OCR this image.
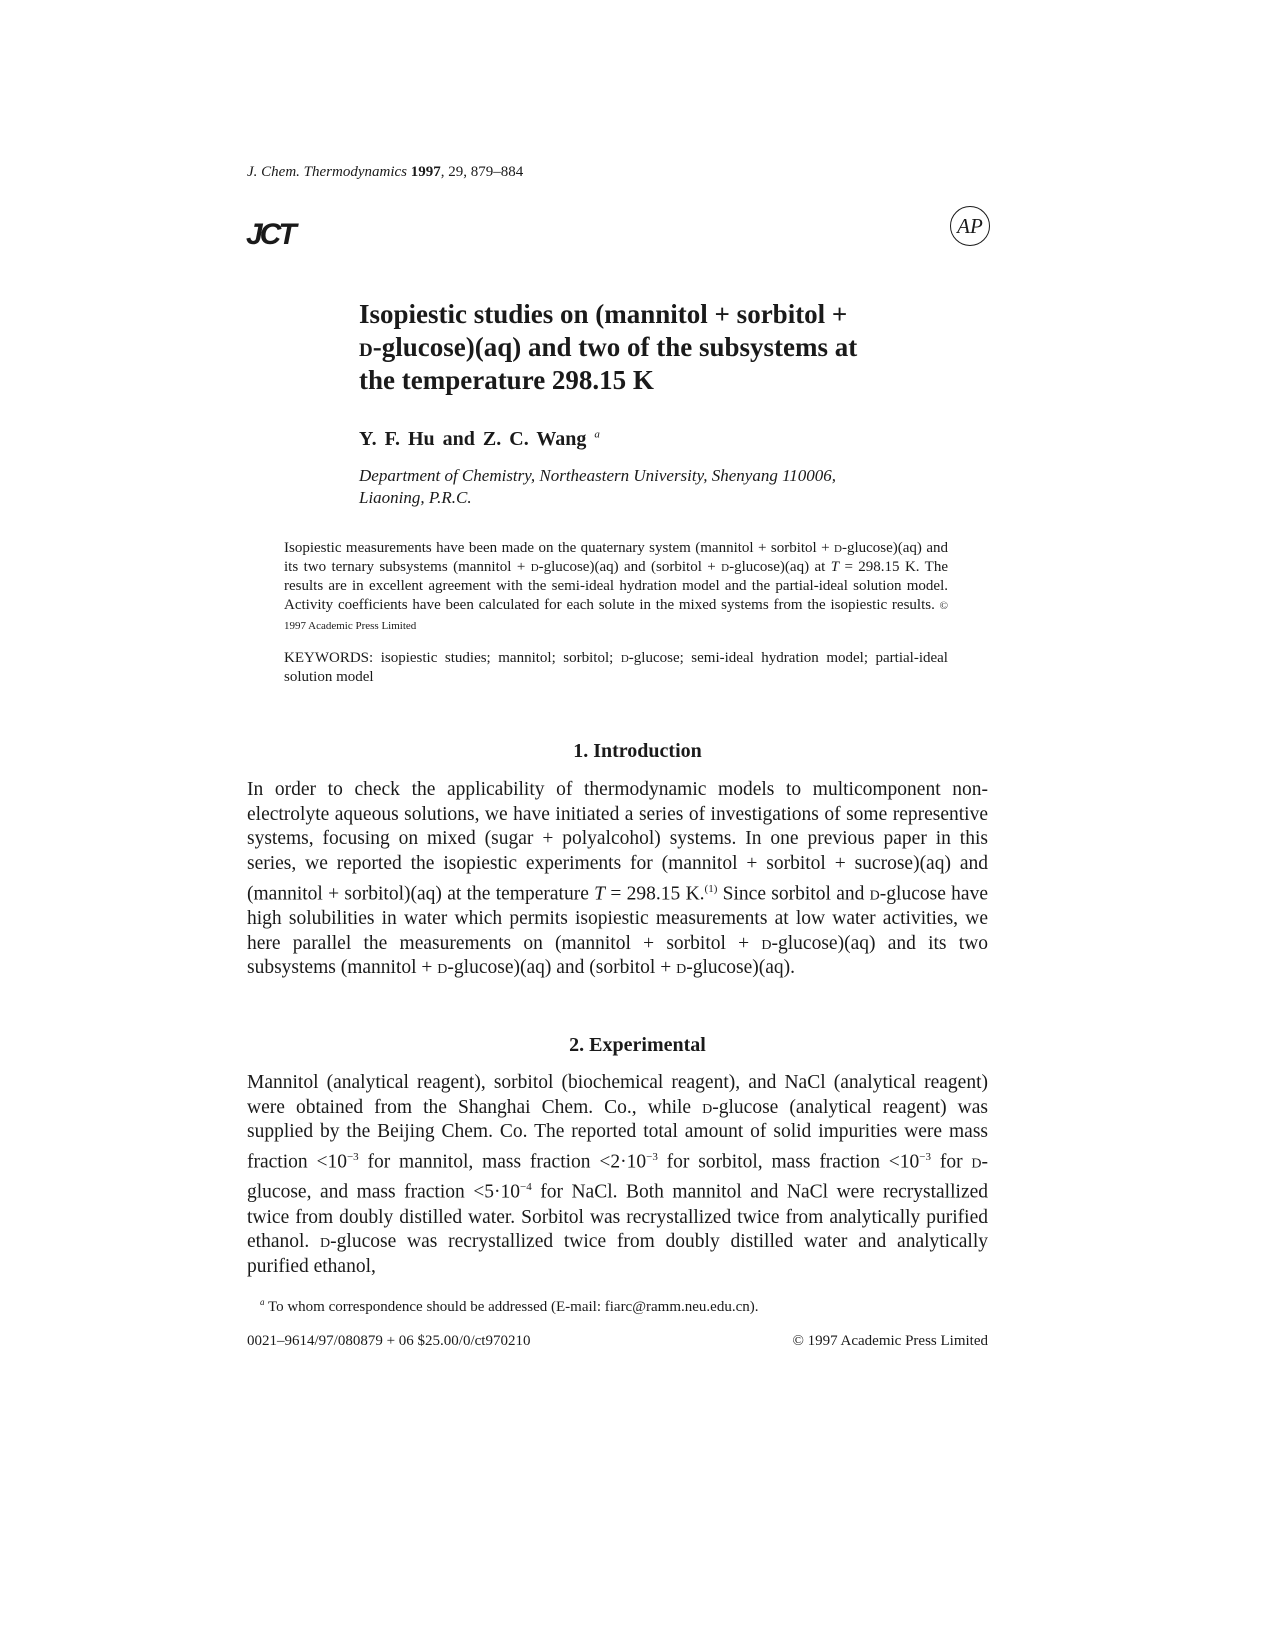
J. Chem. Thermodynamics 1997, 29, 879–884
JCT	AP
Isopiestic studies on (mannitol + sorbitol +
d-glucose)(aq) and two of the subsystems at
the temperature 298.15 K
Y. F. Hu and Z. C. Wang $^a$
Department of Chemistry, Northeastern University, Shenyang 110006,
Liaoning, P.R.C.
Isopiestic measurements have been made on the quaternary system (mannitol + sorbitol + d-glucose)(aq) and its two ternary subsystems (mannitol + d-glucose)(aq) and (sorbitol + d-glucose)(aq) at T = 298.15 K. The results are in excellent agreement with the semi-ideal hydration model and the partial-ideal solution model. Activity coefficients have been calculated for each solute in the mixed systems from the isopiestic results. © 1997 Academic Press Limited
KEYWORDS: isopiestic studies; mannitol; sorbitol; d-glucose; semi-ideal hydration model; partial-ideal solution model
1. Introduction
In order to check the applicability of thermodynamic models to multicomponent non-electrolyte aqueous solutions, we have initiated a series of investigations of some representive systems, focusing on mixed (sugar + polyalcohol) systems. In one previous paper in this series, we reported the isopiestic experiments for (mannitol + sorbitol + sucrose)(aq) and (mannitol + sorbitol)(aq) at the temperature T = 298.15 K.$^{(1)}$ Since sorbitol and d-glucose have high solubilities in water which permits isopiestic measurements at low water activities, we here parallel the measurements on (mannitol + sorbitol + d-glucose)(aq) and its two subsystems (mannitol + d-glucose)(aq) and (sorbitol + d-glucose)(aq).
2. Experimental
Mannitol (analytical reagent), sorbitol (biochemical reagent), and NaCl (analytical reagent) were obtained from the Shanghai Chem. Co., while d-glucose (analytical reagent) was supplied by the Beijing Chem. Co. The reported total amount of solid impurities were mass fraction $<10^{-3}$ for mannitol, mass fraction $<2\cdot 10^{-3}$ for sorbitol, mass fraction $<10^{-3}$ for d-glucose, and mass fraction $<5\cdot 10^{-4}$ for NaCl. Both mannitol and NaCl were recrystallized twice from doubly distilled water. Sorbitol was recrystallized twice from analytically purified ethanol. d-glucose was recrystallized twice from doubly distilled water and analytically purified ethanol,
$^a$ To whom correspondence should be addressed (E-mail: fiarc@ramm.neu.edu.cn).
0021–9614/97/080879 + 06 $25.00/0/ct970210	© 1997 Academic Press Limited
